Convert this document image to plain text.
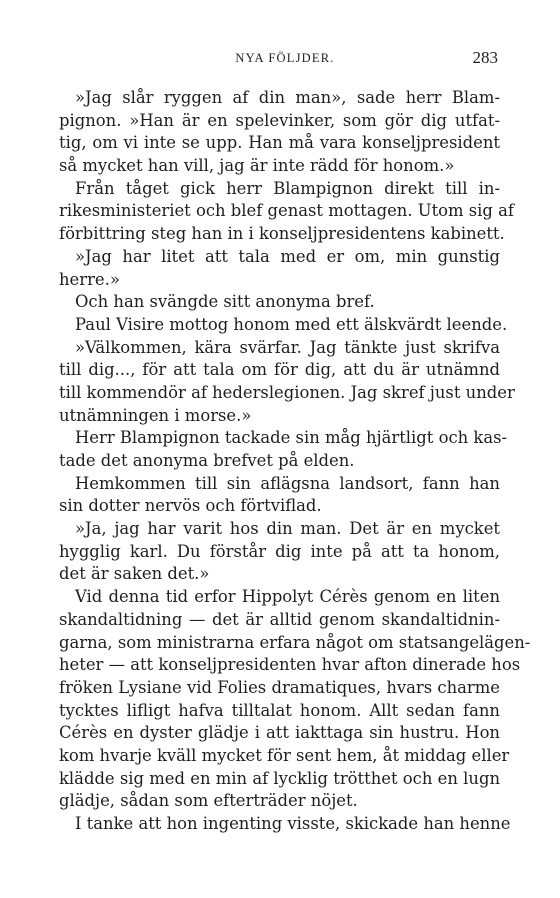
NYA FÖLJDER.	283
»Jag slår ryggen af din man», sade herr Blam-
pignon. »Han är en spelevinker, som gör dig utfat-
tig, om vi inte se upp. Han må vara konseljpresident
så mycket han vill, jag är inte rädd för honom.»
Från tåget gick herr Blampignon direkt till in-
rikesministeriet och blef genast mottagen. Utom sig af
förbittring steg han in i konseljpresidentens kabinett.
»Jag har litet att tala med er om, min gunstig
herre.»
Och han svängde sitt anonyma bref.
Paul Visire mottog honom med ett älskvärdt leende.
»Välkommen, kära svärfar. Jag tänkte just skrifva
till dig..., för att tala om för dig, att du är utnämnd
till kommendör af hederslegionen. Jag skref just under
utnämningen i morse.»
Herr Blampignon tackade sin måg hjärtligt och kas-
tade det anonyma brefvet på elden.
Hemkommen till sin aflägsna landsort, fann han
sin dotter nervös och förtviflad.
»Ja, jag har varit hos din man. Det är en mycket
hygglig karl. Du förstår dig inte på att ta honom,
det är saken det.»
Vid denna tid erfor Hippolyt Cérès genom en liten
skandaltidning — det är alltid genom skandaltidnin-
garna, som ministrarna erfara något om statsangelägen-
heter — att konseljpresidenten hvar afton dinerade hos
fröken Lysiane vid Folies dramatiques, hvars charme
tycktes lifligt hafva tilltalat honom. Allt sedan fann
Cérès en dyster glädje i att iakttaga sin hustru. Hon
kom hvarje kväll mycket för sent hem, åt middag eller
klädde sig med en min af lycklig trötthet och en lugn
glädje, sådan som efterträder nöjet.
I tanke att hon ingenting visste, skickade han henne
